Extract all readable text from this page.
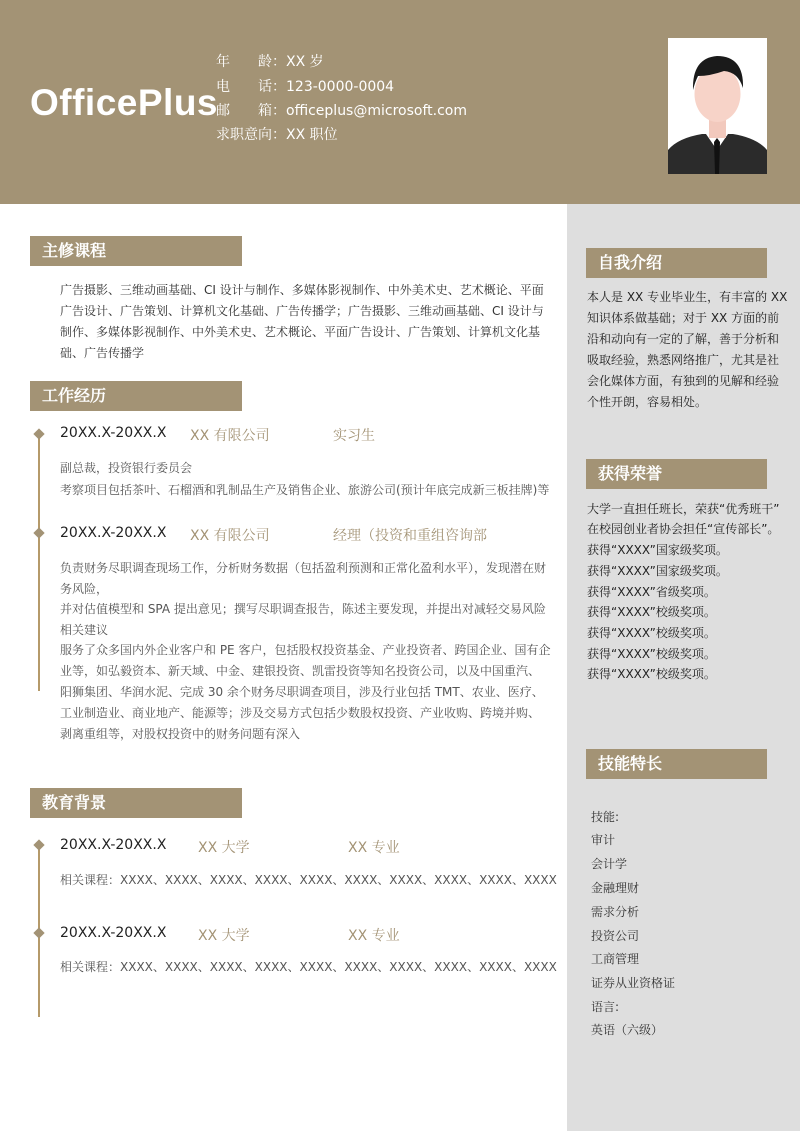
OfficePlus
年　　龄：XX 岁
电　　话：123-0000-0004
邮　　箱：officeplus@microsoft.com
求职意向：XX 职位
主修课程
广告摄影、三维动画基础、CI 设计与制作、多媒体影视制作、中外美术史、艺术概论、平面
广告设计、广告策划、计算机文化基础、广告传播学；广告摄影、三维动画基础、CI 设计与
制作、多媒体影视制作、中外美术史、艺术概论、平面广告设计、广告策划、计算机文化基
础、广告传播学
工作经历
20XX.X-20XX.X XX 有限公司	实习生
副总裁，投资银行委员会
考察项目包括茶叶、石榴酒和乳制品生产及销售企业、旅游公司(预计年底完成新三板挂牌)等
20XX.X-20XX.X XX 有限公司	经理（投资和重组咨询部
负责财务尽职调查现场工作，分析财务数据（包括盈利预测和正常化盈利水平），发现潜在财
务风险，
并对估值模型和 SPA 提出意见；撰写尽职调查报告，陈述主要发现，并提出对减轻交易风险
相关建议
服务了众多国内外企业客户和 PE 客户，包括股权投资基金、产业投资者、跨国企业、国有企
业等，如弘毅资本、新天域、中金、建银投资、凯雷投资等知名投资公司，以及中国重汽、
阳狮集团、华润水泥、完成 30 余个财务尽职调查项目，涉及行业包括 TMT、农业、医疗、
工业制造业、商业地产、能源等；涉及交易方式包括少数股权投资、产业收购、跨境并购、
剥离重组等，对股权投资中的财务问题有深入
教育背景
20XX.X-20XX.X XX 大学	XX 专业
相关课程：XXXX、XXXX、XXXX、XXXX、XXXX、XXXX、XXXX、XXXX、XXXX、XXXX
20XX.X-20XX.X XX 大学	XX 专业
相关课程：XXXX、XXXX、XXXX、XXXX、XXXX、XXXX、XXXX、XXXX、XXXX、XXXX
自我介绍
本人是 XX 专业毕业生，有丰富的 XX
知识体系做基础；对于 XX 方面的前
沿和动向有一定的了解，善于分析和
吸取经验，熟悉网络推广，尤其是社
会化媒体方面，有独到的见解和经验
个性开朗，容易相处。
获得荣誉
大学一直担任班长，荣获“优秀班干”
在校园创业者协会担任“宣传部长”。
获得“XXXX”国家级奖项。
获得“XXXX”国家级奖项。
获得“XXXX”省级奖项。
获得“XXXX”校级奖项。
获得“XXXX”校级奖项。
获得“XXXX”校级奖项。
获得“XXXX”校级奖项。
技能特长
技能:
审计
会计学
金融理财
需求分析
投资公司
工商管理
证券从业资格证
语言:
英语（六级）
